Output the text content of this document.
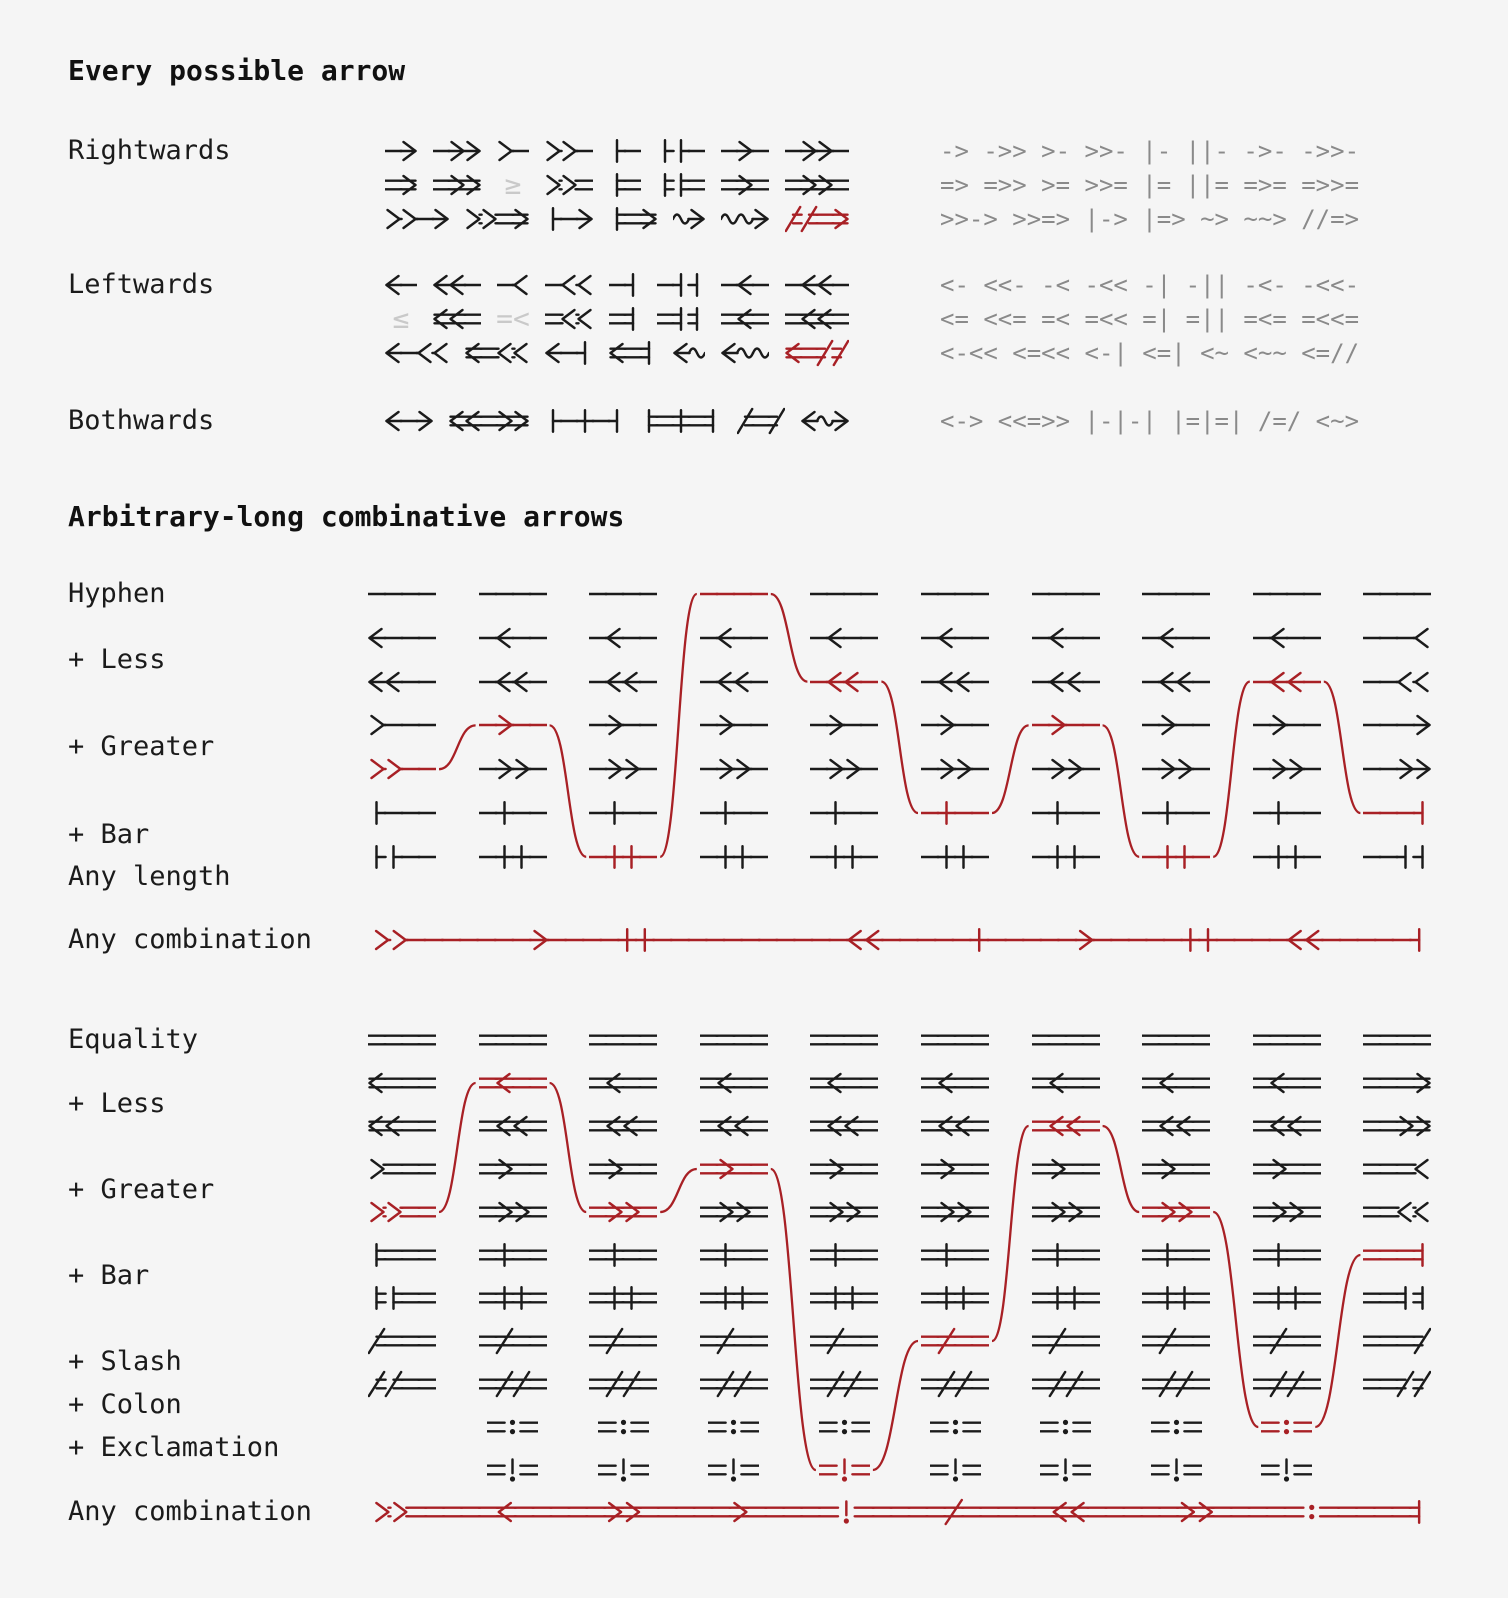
Every possible arrow
Arbitrary-long combinative arrows
Rightwards	-> ->> >- >>- |- ||- ->- ->>-
≥	=> =>> >= >>= |= ||= =>= =>>=
>>-> >>=> |-> |=> ~> ~~> //=>
Leftwards	<- <<- -< -<< -| -|| -<- -<<-
≤	=<	<= <<= =< =<< =| =|| =<= =<<=
<-<< <=<< <-| <=| <~ <~~ <=//
Bothwards	<-> <<=>> |-|-| |=|=| /=/ <~>
Hyphen
+ Less
+ Greater
+ Bar
Any length
Any combination
Equality
+ Less
+ Greater
+ Bar
+ Slash
+ Colon
+ Exclamation
Any combination
